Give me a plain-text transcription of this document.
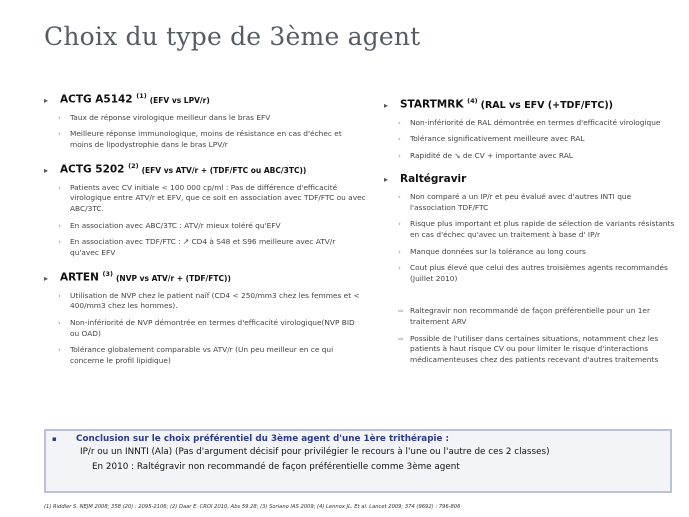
Choix du type de 3ème agent
▸	ACTG A5142 $^{(1)}$ (EFV vs LPV/r)
›	Taux de réponse virologique meilleur dans le bras EFV
›	Meilleure réponse immunologique, moins de résistance en cas d'échec et moins de lipodystrophie dans le bras LPV/r
▸	ACTG 5202 $^{(2)}$ (EFV vs ATV/r + (TDF/FTC ou ABC/3TC))
›	Patients avec CV initiale < 100 000 cp/ml : Pas de différence d'efficacité virologique entre ATV/r et EFV, que ce soit en association avec TDF/FTC ou avec ABC/3TC.
›	En association avec ABC/3TC : ATV/r mieux toléré qu'EFV
›	En association avec TDF/FTC : ↗ CD4 à S48 et S96 meilleure avec ATV/r qu'avec EFV
▸	ARTEN $^{(3)}$ (NVP vs ATV/r + (TDF/FTC))
›	Utilisation de NVP chez le patient naïf (CD4 < 250/mm3 chez les femmes et < 400/mm3 chez les hommes).
›	Non-infériorité de NVP démontrée en termes d'efficacité virologique(NVP BID ou OAD)
›	Tolérance globalement comparable vs ATV/r (Un peu meilleur en ce qui concerne le profil lipidique)
▸	STARTMRK $^{(4)}$ (RAL vs EFV (+TDF/FTC))
›	Non-infériorité de RAL démontrée en termes d'efficacité virologique
›	Tolérance significativement meilleure avec RAL
›	Rapidité de ↘ de CV + importante avec RAL
▸	Raltégravir
›	Non comparé a un IP/r et peu évalué avec d'autres INTI que l'association TDF/FTC
›	Risque plus important et plus rapide de sélection de variants résistants en cas d'échec qu'avec un traitement à base d' IP/r
›	Manque données sur la tolérance au long cours
›	Cout plus élevé que celui des autres troisièmes agents recommandés (Juillet 2010)
⇨ Raltegravir non recommandé de façon préférentielle pour un 1er traitement ARV
⇨ Possible de l'utiliser dans certaines situations, notamment chez les patients à haut risque CV ou pour limiter le risque d'interactions médicamenteuses chez des patients recevant d'autres traitements
▪	Conclusion sur le choix préférentiel du 3ème agent d'une 1ère trithérapie :
IP/r ou un INNTI (Ala) (Pas d'argument décisif pour privilégier le recours à l'une ou l'autre de ces 2 classes)
En 2010 : Raltégravir non recommandé de façon préférentielle comme 3ème agent
(1) Riddler S. NEJM 2008; 358 (20) : 2095-2106; (2) Daar E. CROI 2010, Abs 59.28; (3) Soriano IAS 2009; (4) Lennox JL. Et al. Lancet 2009; 374 (9692) : 796-806
